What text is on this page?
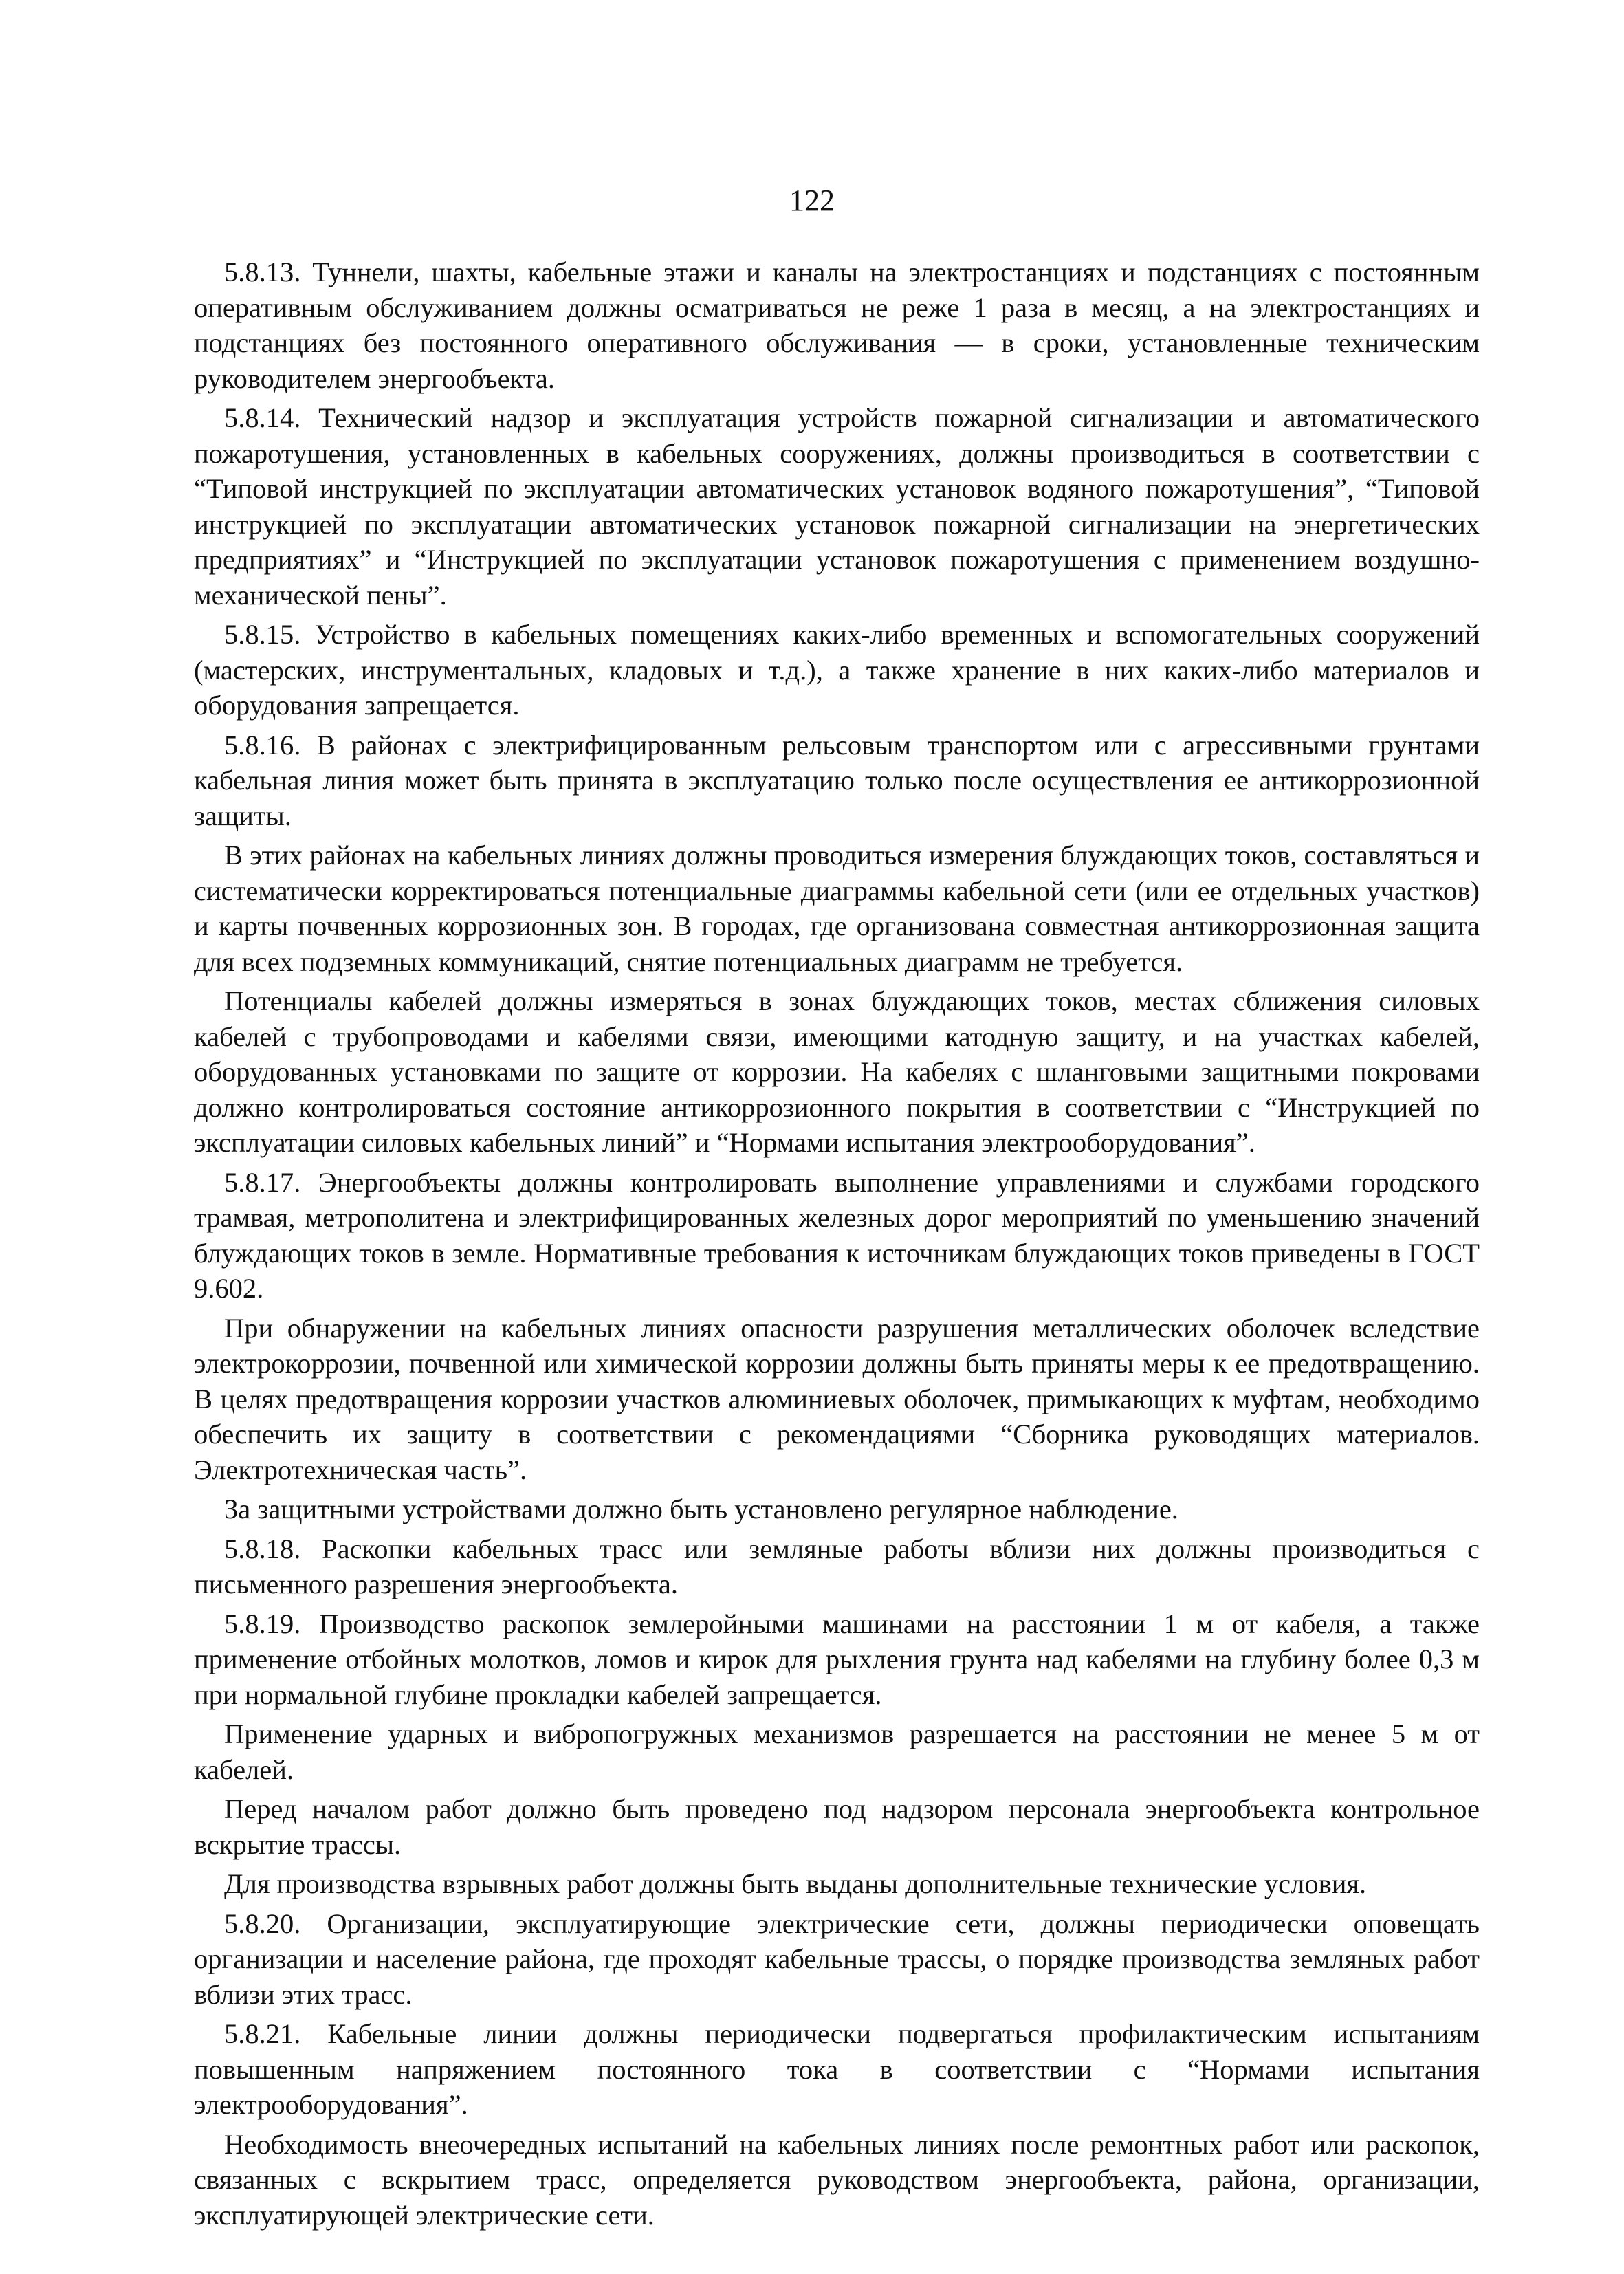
122

5.8.13. Туннели, шахты, кабельные этажи и каналы на электростанциях и подстанциях с постоянным оперативным обслуживанием должны осматриваться не реже 1 раза в месяц, а на электростанциях и подстанциях без постоянного оперативного обслуживания — в сроки, установленные техническим руководителем энергообъекта.

5.8.14. Технический надзор и эксплуатация устройств пожарной сигнализации и автоматического пожаротушения, установленных в кабельных сооружениях, должны производиться в соответствии с “Типовой инструкцией по эксплуатации автоматических установок водяного пожаротушения”, “Типовой инструкцией по эксплуатации автоматических установок пожарной сигнализации на энергетических предприятиях” и “Инструкцией по эксплуатации установок пожаротушения с применением воздушно-механической пены”.

5.8.15. Устройство в кабельных помещениях каких-либо временных и вспомогательных сооружений (мастерских, инструментальных, кладовых и т.д.), а также хранение в них каких-либо материалов и оборудования запрещается.

5.8.16. В районах с электрифицированным рельсовым транспортом или с агрессивными грунтами кабельная линия может быть принята в эксплуатацию только после осуществления ее антикоррозионной защиты.

В этих районах на кабельных линиях должны проводиться измерения блуждающих токов, составляться и систематически корректироваться потенциальные диаграммы кабельной сети (или ее отдельных участков) и карты почвенных коррозионных зон. В городах, где организована совместная антикоррозионная защита для всех подземных коммуникаций, снятие потенциальных диаграмм не требуется.

Потенциалы кабелей должны измеряться в зонах блуждающих токов, местах сближения силовых кабелей с трубопроводами и кабелями связи, имеющими катодную защиту, и на участках кабелей, оборудованных установками по защите от коррозии. На кабелях с шланговыми защитными покровами должно контролироваться состояние антикоррозионного покрытия в соответствии с “Инструкцией по эксплуатации силовых кабельных линий” и “Нормами испытания электрооборудования”.

5.8.17. Энергообъекты должны контролировать выполнение управлениями и службами городского трамвая, метрополитена и электрифицированных железных дорог мероприятий по уменьшению значений блуждающих токов в земле. Нормативные требования к источникам блуждающих токов приведены в ГОСТ 9.602.

При обнаружении на кабельных линиях опасности разрушения металлических оболочек вследствие электрокоррозии, почвенной или химической коррозии должны быть приняты меры к ее предотвращению. В целях предотвращения коррозии участков алюминиевых оболочек, примыкающих к муфтам, необходимо обеспечить их защиту в соответствии с рекомендациями “Сборника руководящих материалов. Электротехническая часть”.

За защитными устройствами должно быть установлено регулярное наблюдение.

5.8.18. Раскопки кабельных трасс или земляные работы вблизи них должны производиться с письменного разрешения энергообъекта.

5.8.19. Производство раскопок землеройными машинами на расстоянии 1 м от кабеля, а также применение отбойных молотков, ломов и кирок для рыхления грунта над кабелями на глубину более 0,3 м при нормальной глубине прокладки кабелей запрещается.

Применение ударных и вибропогружных механизмов разрешается на расстоянии не менее 5 м от кабелей.

Перед началом работ должно быть проведено под надзором персонала энергообъекта контрольное вскрытие трассы.

Для производства взрывных работ должны быть выданы дополнительные технические условия.

5.8.20. Организации, эксплуатирующие электрические сети, должны периодически оповещать организации и население района, где проходят кабельные трассы, о порядке производства земляных работ вблизи этих трасс.

5.8.21. Кабельные линии должны периодически подвергаться профилактическим испытаниям повышенным напряжением постоянного тока в соответствии с “Нормами испытания электрооборудования”.

Необходимость внеочередных испытаний на кабельных линиях после ремонтных работ или раскопок, связанных с вскрытием трасс, определяется руководством энергообъекта, района, организации, эксплуатирующей электрические сети.
